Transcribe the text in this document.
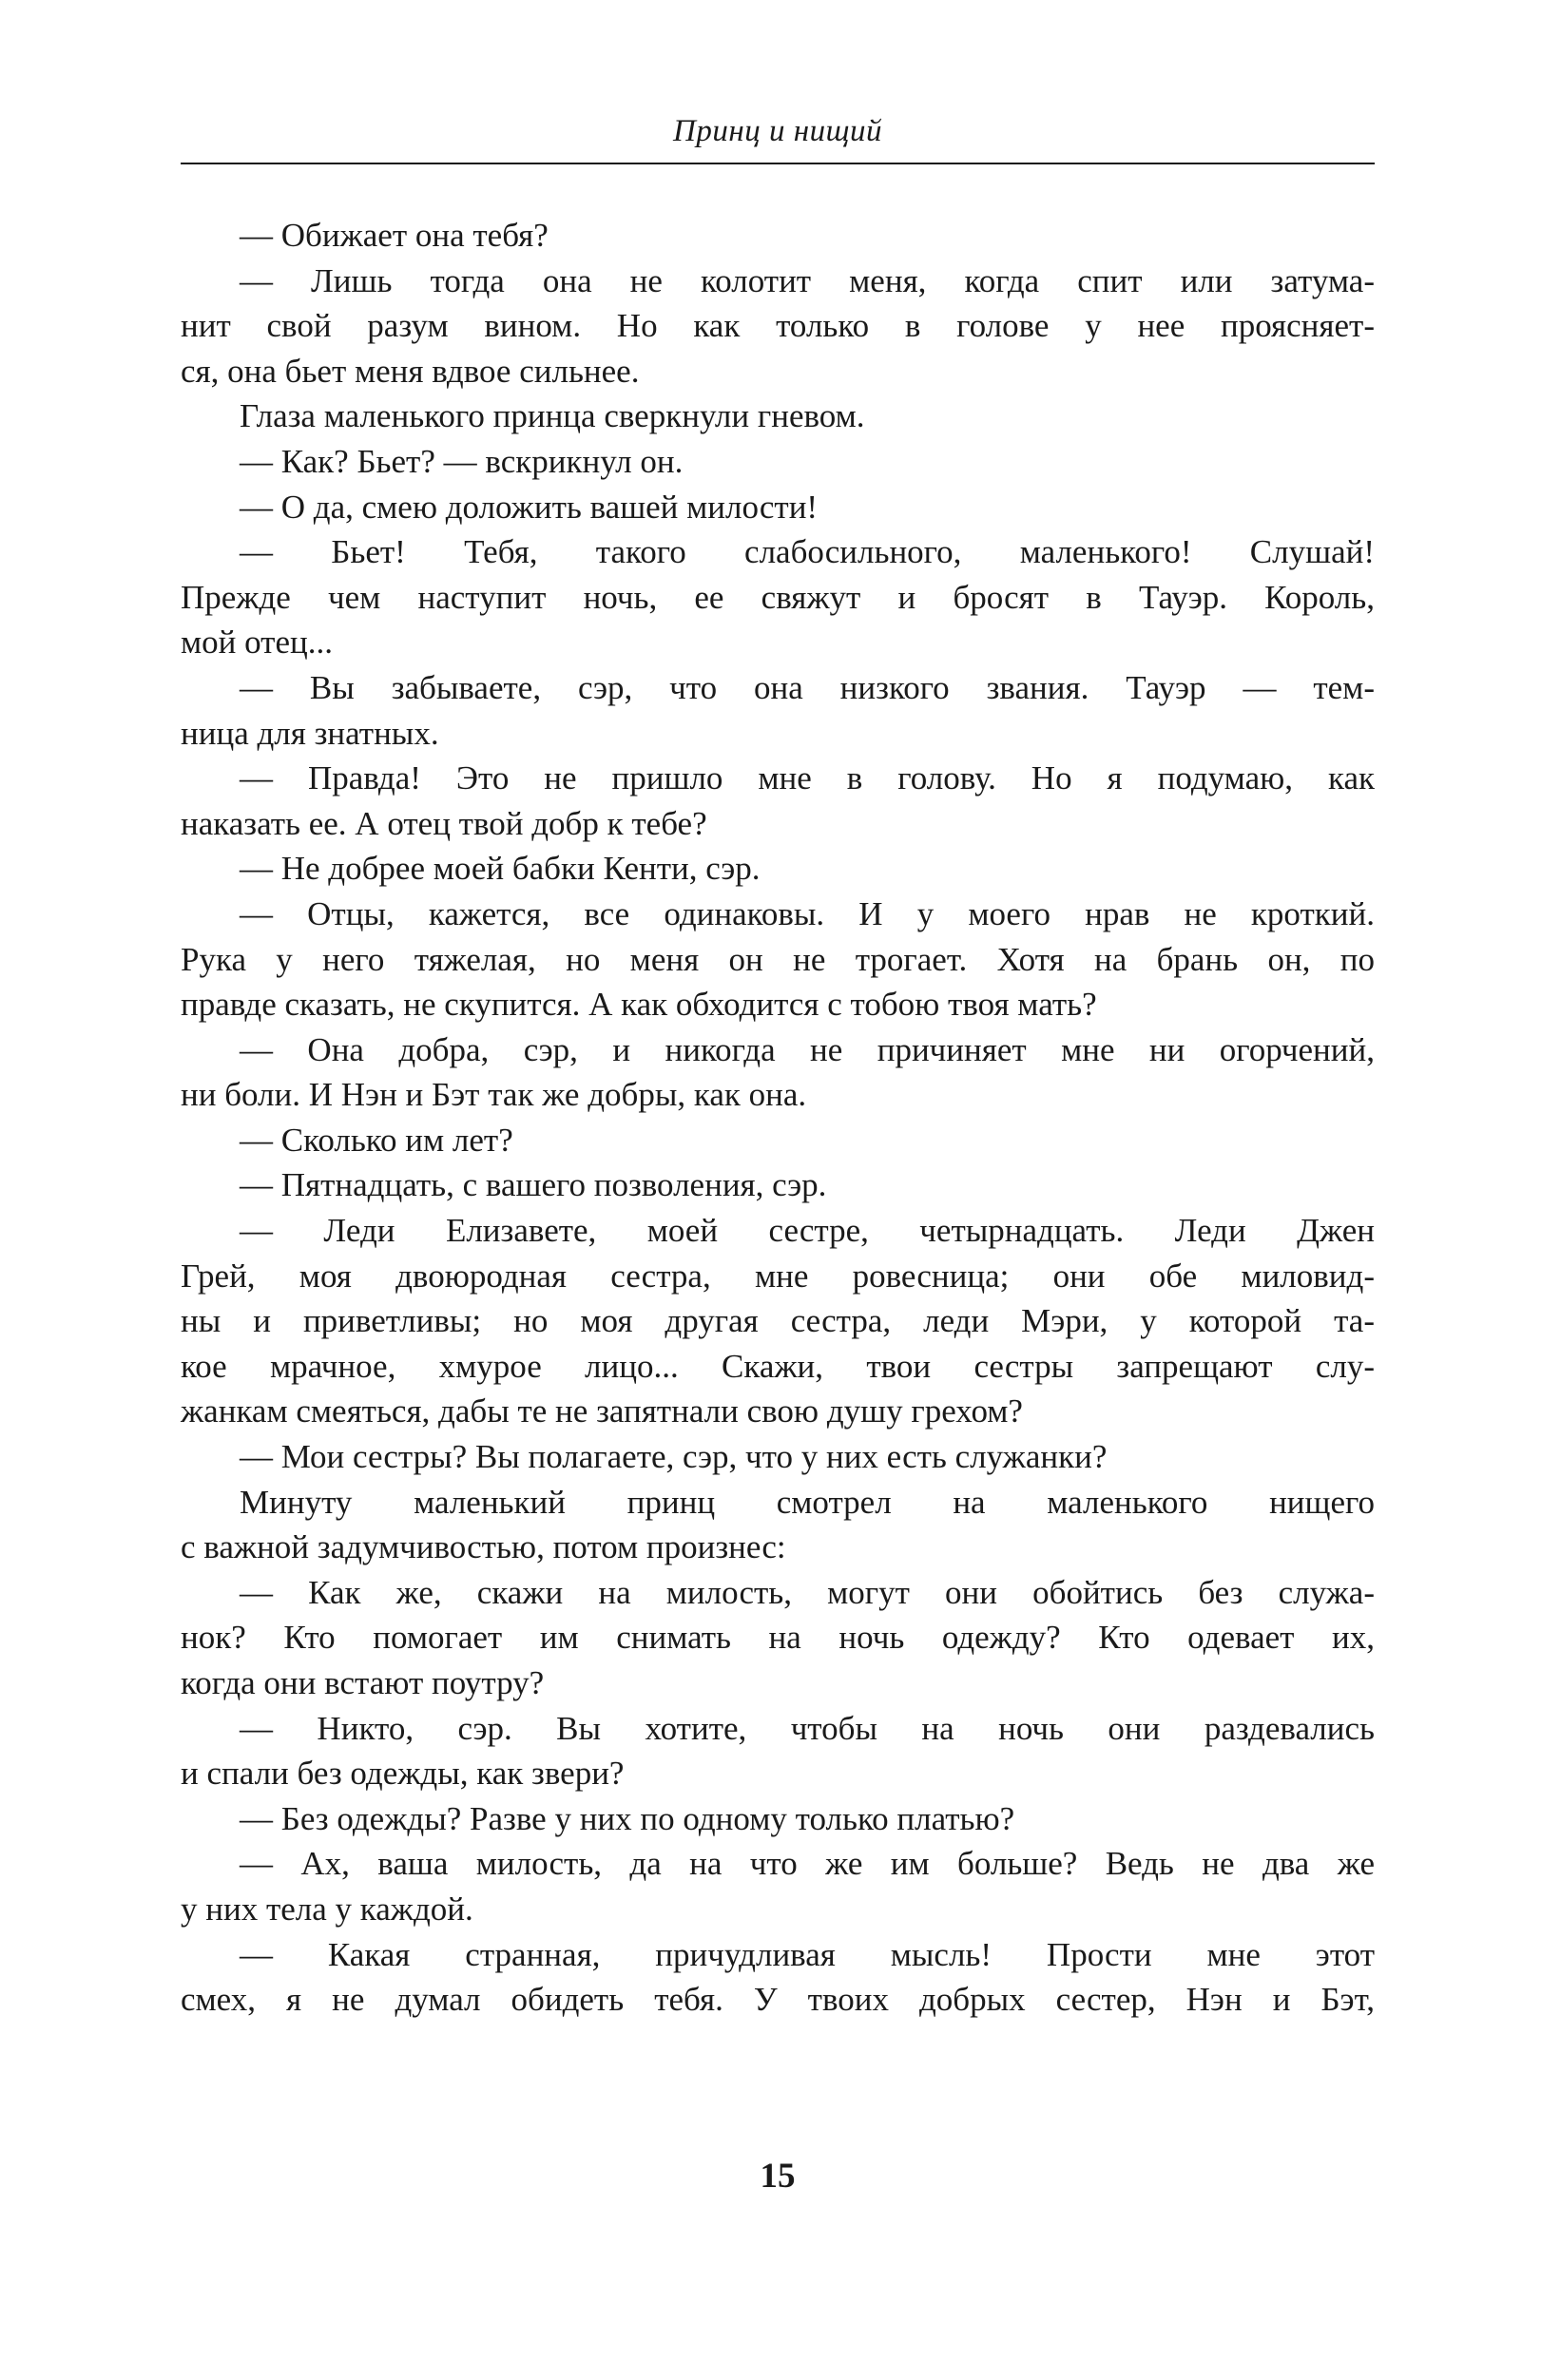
Принц и нищий
— Обижает она тебя?
— Лишь тогда она не колотит меня, когда спит или затума-
нит свой разум вином. Но как только в голове у нее проясняет-
ся, она бьет меня вдвое сильнее.
Глаза маленького принца сверкнули гневом.
— Как? Бьет? — вскрикнул он.
— О да, смею доложить вашей милости!
— Бьет! Тебя, такого слабосильного, маленького! Слушай!
Прежде чем наступит ночь, ее свяжут и бросят в Тауэр. Король,
мой отец...
— Вы забываете, сэр, что она низкого звания. Тауэр — тем-
ница для знатных.
— Правда! Это не пришло мне в голову. Но я подумаю, как
наказать ее. А отец твой добр к тебе?
— Не добрее моей бабки Кенти, сэр.
— Отцы, кажется, все одинаковы. И у моего нрав не кроткий.
Рука у него тяжелая, но меня он не трогает. Хотя на брань он, по
правде сказать, не скупится. А как обходится с тобою твоя мать?
— Она добра, сэр, и никогда не причиняет мне ни огорчений,
ни боли. И Нэн и Бэт так же добры, как она.
— Сколько им лет?
— Пятнадцать, с вашего позволения, сэр.
— Леди Елизавете, моей сестре, четырнадцать. Леди Джен
Грей, моя двоюродная сестра, мне ровесница; они обе миловид-
ны и приветливы; но моя другая сестра, леди Мэри, у которой та-
кое мрачное, хмурое лицо... Скажи, твои сестры запрещают слу-
жанкам смеяться, дабы те не запятнали свою душу грехом?
— Мои сестры? Вы полагаете, сэр, что у них есть служанки?
Минуту маленький принц смотрел на маленького нищего
с важной задумчивостью, потом произнес:
— Как же, скажи на милость, могут они обойтись без служа-
нок? Кто помогает им снимать на ночь одежду? Кто одевает их,
когда они встают поутру?
— Никто, сэр. Вы хотите, чтобы на ночь они раздевались
и спали без одежды, как звери?
— Без одежды? Разве у них по одному только платью?
— Ах, ваша милость, да на что же им больше? Ведь не два же
у них тела у каждой.
— Какая странная, причудливая мысль! Прости мне этот
смех, я не думал обидеть тебя. У твоих добрых сестер, Нэн и Бэт,
15
